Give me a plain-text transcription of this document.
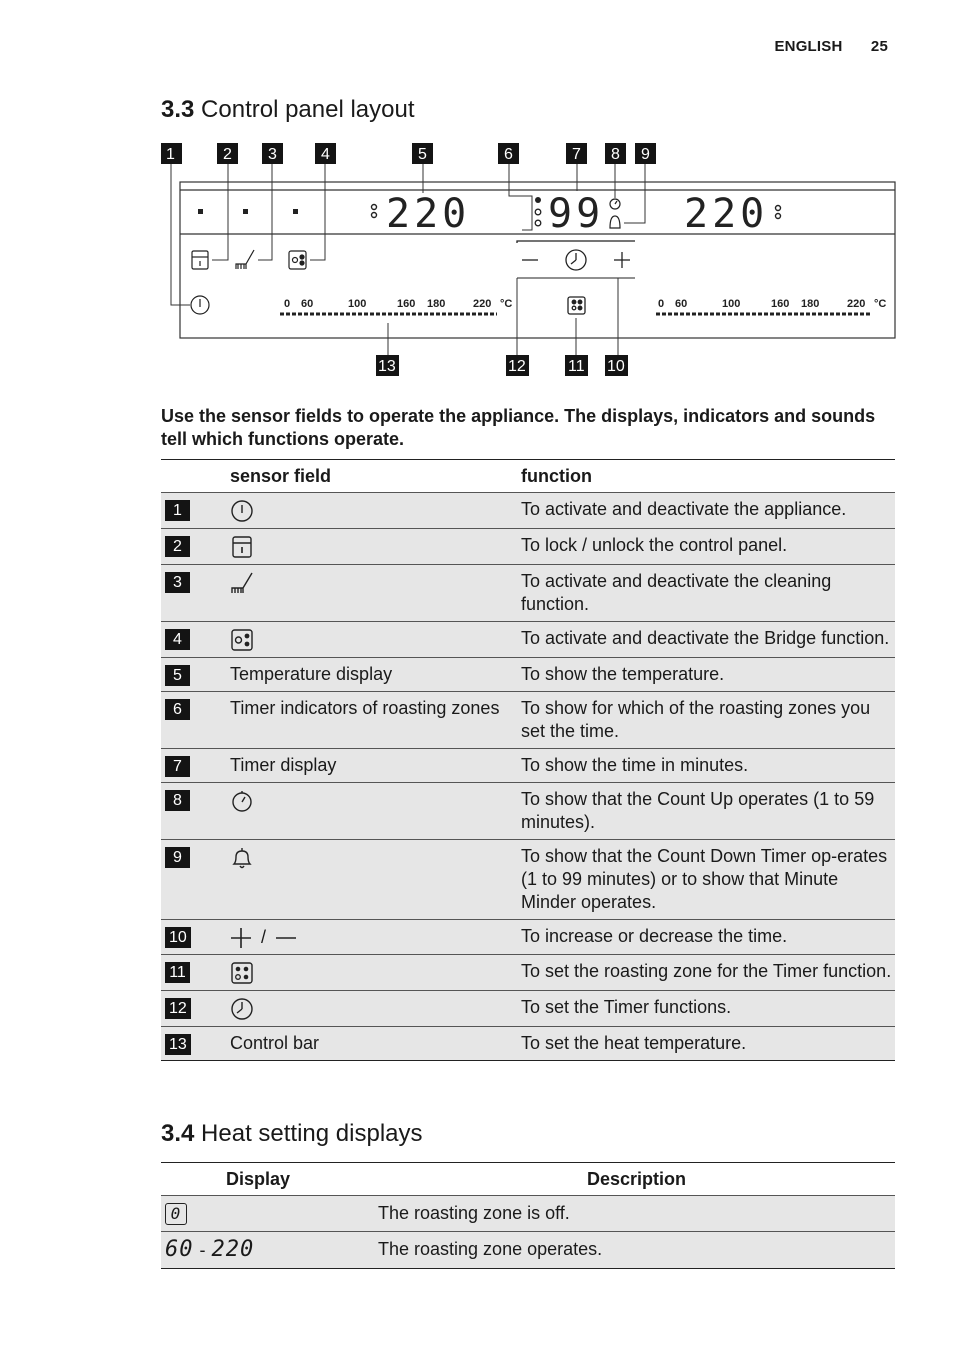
ENGLISH 25
3.3 Control panel layout
220 99 220
0 60	100	160 180	220 °C	0 60	100	160 180	220 °C
1	2 3	4	5	6	7 8 9
13	12	11 10
Use the sensor fields to operate the appliance. The displays, indicators and sounds tell which functions operate.
	sensor field	function
1		To activate and deactivate the appliance.
2		To lock / unlock the control panel.
3		To activate and deactivate the cleaning function.
4		To activate and deactivate the Bridge function.
5	Temperature display	To show the temperature.
6	Timer indicators of roasting zones	To show for which of the roasting zones you set the time.
7	Timer display	To show the time in minutes.
8		To show that the Count Up operates (1 to 59 minutes).
9		To show that the Count Down Timer op-erates (1 to 99 minutes) or to show that Minute Minder operates.
10	/	To increase or decrease the time.
11		To set the roasting zone for the Timer function.
12		To set the Timer functions.
13	Control bar	To set the heat temperature.
3.4 Heat setting displays
Display	Description
0	The roasting zone is off.
60 - 220	The roasting zone operates.
